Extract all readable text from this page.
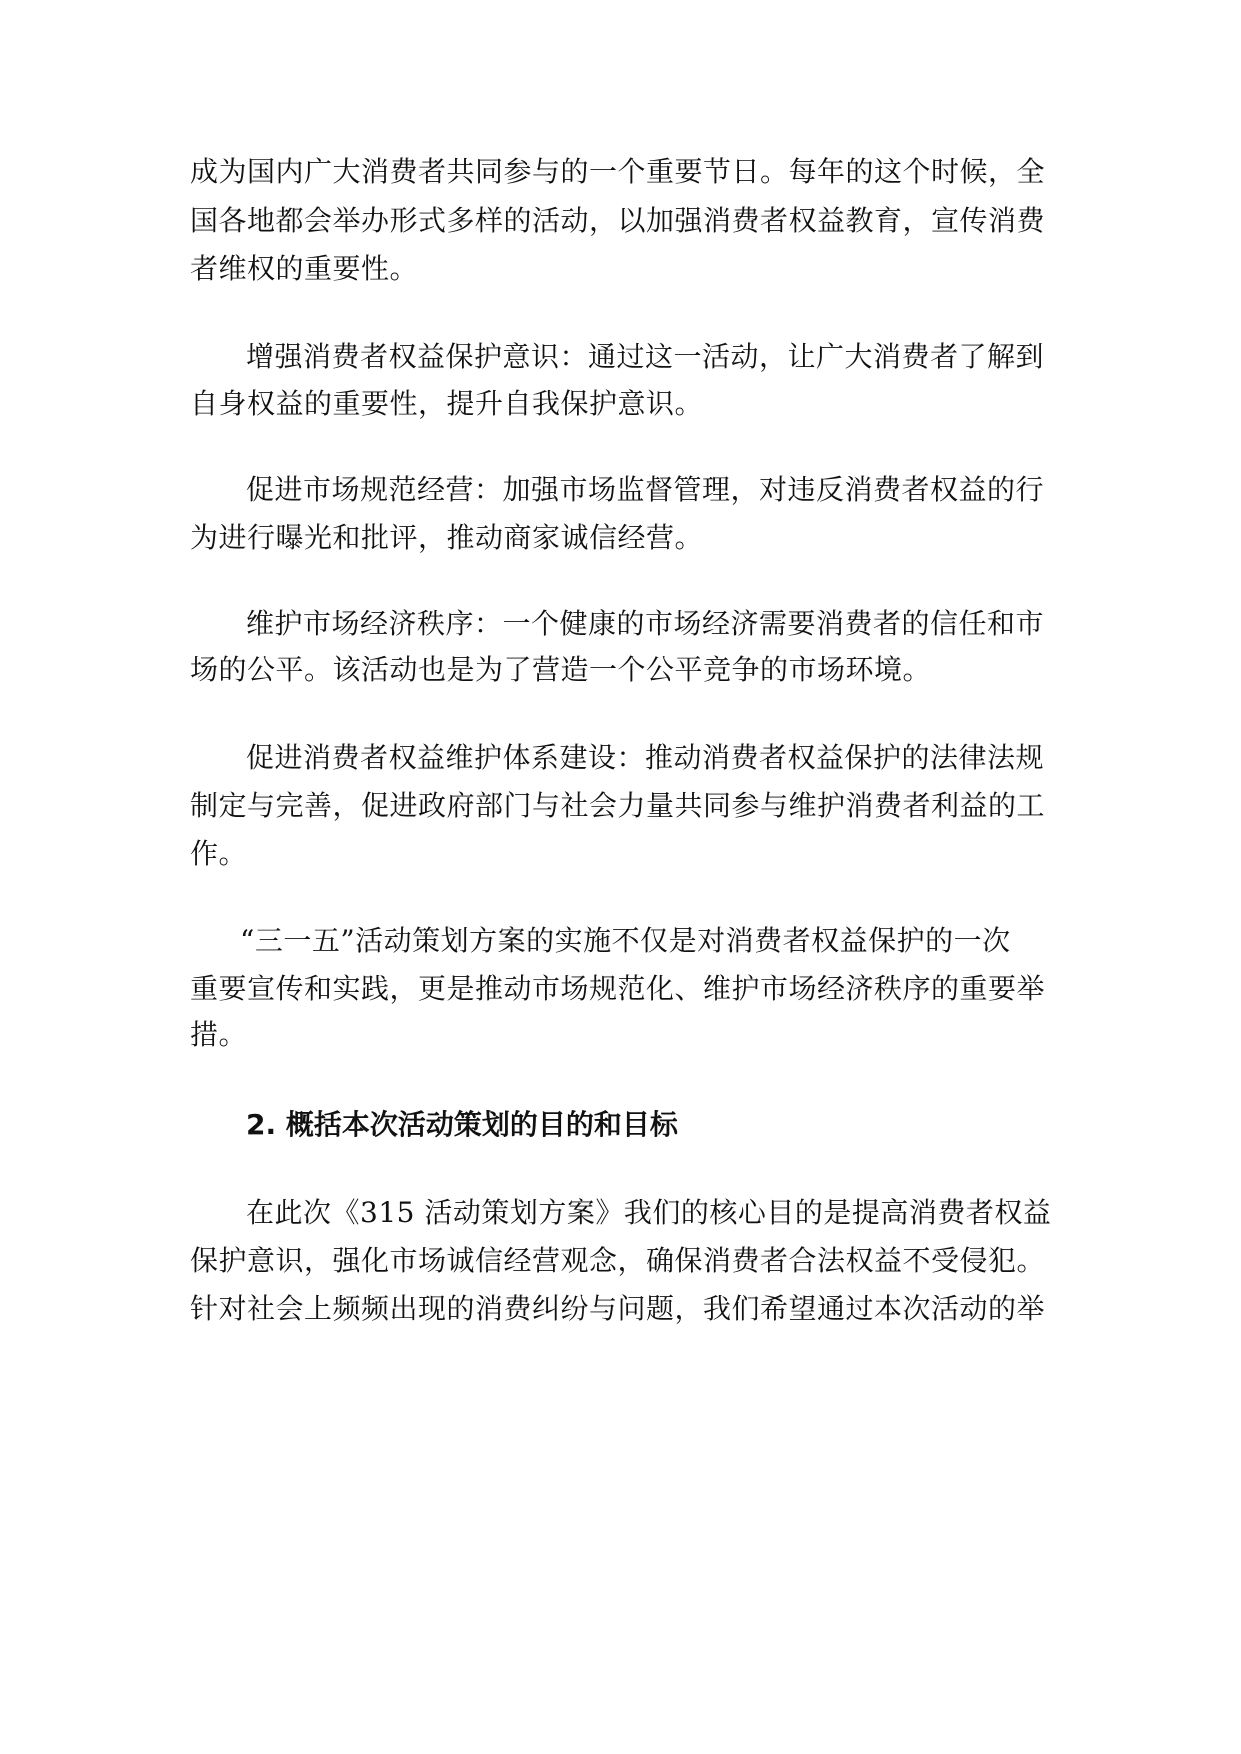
成为国内广大消费者共同参与的一个重要节日。每年的这个时候，全
国各地都会举办形式多样的活动，以加强消费者权益教育，宣传消费
者维权的重要性。
增强消费者权益保护意识：通过这一活动，让广大消费者了解到
自身权益的重要性，提升自我保护意识。
促进市场规范经营：加强市场监督管理，对违反消费者权益的行
为进行曝光和批评，推动商家诚信经营。
维护市场经济秩序：一个健康的市场经济需要消费者的信任和市
场的公平。该活动也是为了营造一个公平竞争的市场环境。
促进消费者权益维护体系建设：推动消费者权益保护的法律法规
制定与完善，促进政府部门与社会力量共同参与维护消费者利益的工
作。
“三一五”活动策划方案的实施不仅是对消费者权益保护的一次
重要宣传和实践，更是推动市场规范化、维护市场经济秩序的重要举
措。
2. 概括本次活动策划的目的和目标
在此次《315 活动策划方案》我们的核心目的是提高消费者权益
保护意识，强化市场诚信经营观念，确保消费者合法权益不受侵犯。
针对社会上频频出现的消费纠纷与问题，我们希望通过本次活动的举
